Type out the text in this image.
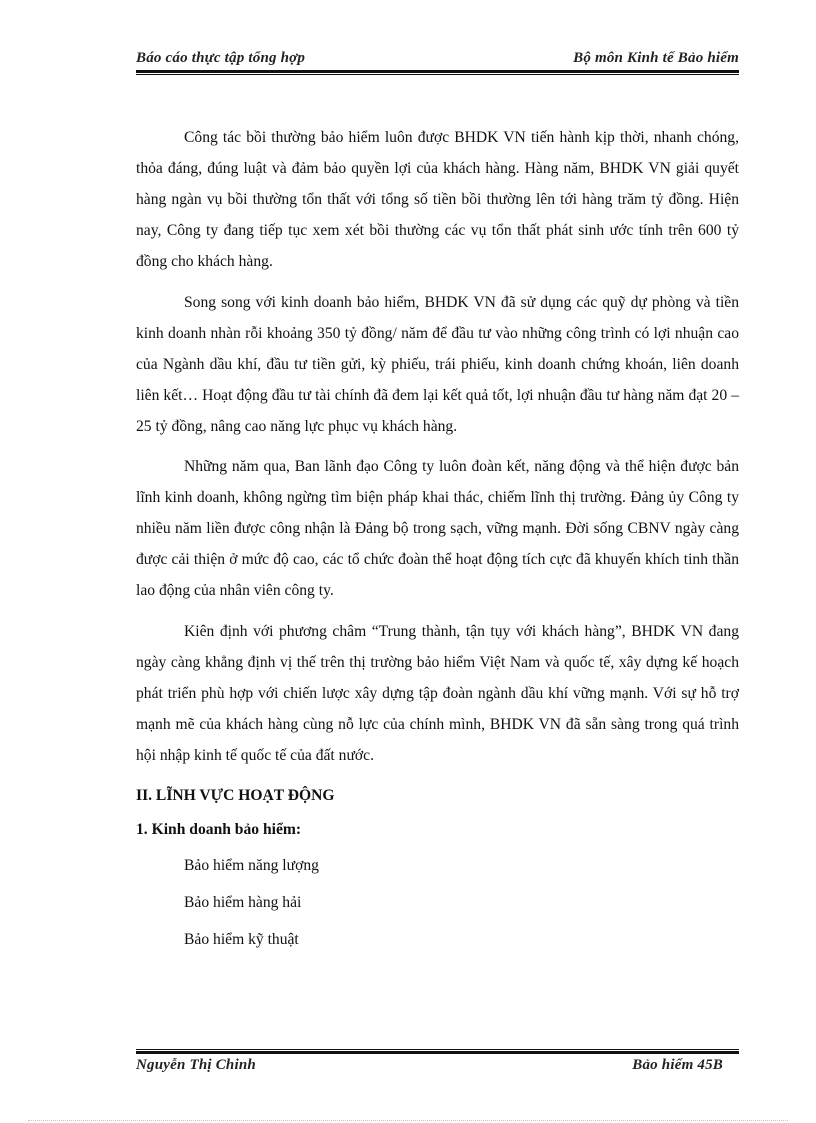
Báo cáo thực tập tổng hợp	Bộ môn Kinh tế Bảo hiểm

Công tác bồi thường bảo hiểm luôn được BHDK VN tiến hành kịp thời, nhanh chóng, thỏa đáng, đúng luật và đảm bảo quyền lợi của khách hàng. Hàng năm, BHDK VN giải quyết hàng ngàn vụ bồi thường tổn thất với tổng số tiền bồi thường lên tới hàng trăm tỷ đồng. Hiện nay, Công ty đang tiếp tục xem xét bồi thường các vụ tổn thất phát sinh ước tính trên 600 tỷ đồng cho khách hàng.

Song song với kinh doanh bảo hiểm, BHDK VN đã sử dụng các quỹ dự phòng và tiền kinh doanh nhàn rỗi khoảng 350 tỷ đồng/ năm để đầu tư vào những công trình có lợi nhuận cao của Ngành dầu khí, đầu tư tiền gửi, kỳ phiếu, trái phiếu, kinh doanh chứng khoán, liên doanh liên kết… Hoạt động đầu tư tài chính đã đem lại kết quả tốt, lợi nhuận đầu tư hàng năm đạt 20 – 25 tỷ đồng, nâng cao năng lực phục vụ khách hàng.

Những năm qua, Ban lãnh đạo Công ty luôn đoàn kết, năng động và thể hiện được bản lĩnh kinh doanh, không ngừng tìm biện pháp khai thác, chiếm lĩnh thị trường. Đảng ủy Công ty nhiều năm liền được công nhận là Đảng bộ trong sạch, vững mạnh. Đời sống CBNV ngày càng được cải thiện ở mức độ cao, các tổ chức đoàn thể hoạt động tích cực đã khuyến khích tinh thần lao động của nhân viên công ty.

Kiên định với phương châm “Trung thành, tận tụy với khách hàng”, BHDK VN đang ngày càng khẳng định vị thế trên thị trường bảo hiểm Việt Nam và quốc tế, xây dựng kế hoạch phát triển phù hợp với chiến lược xây dựng tập đoàn ngành dầu khí vững mạnh. Với sự hỗ trợ mạnh mẽ của khách hàng cùng nỗ lực của chính mình, BHDK VN đã sẵn sàng trong quá trình hội nhập kinh tế quốc tế của đất nước.

II. LĨNH VỰC HOẠT ĐỘNG
1. Kinh doanh bảo hiểm:
Bảo hiểm năng lượng
Bảo hiểm hàng hải
Bảo hiểm kỹ thuật
Nguyễn Thị Chinh	Bảo hiểm 45B
